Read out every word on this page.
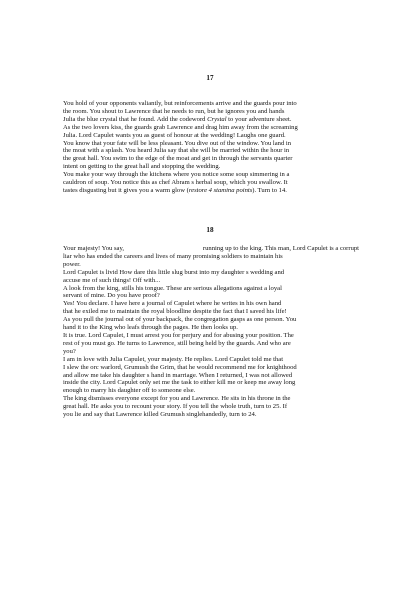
17

You hold of your opponents valiantly, but reinforcements arrive and the guards pour into

the room. You shout to Lawrence that he needs to run, but he ignores you and hands

Julia the blue crystal that he found. Add the codeword Crystal to your adventure sheet.

As the two lovers kiss, the guards grab Lawrence and drag him away from the screaming

Julia. Lord Capulet wants you as guest of honour at the wedding! Laughs one guard.

You know that your fate will be less pleasant. You dive out of the window. You land in

the moat with a splash. You heard Julia say that she will be married within the hour in

the great hall. You swim to the edge of the moat and get in through the servants quarter

intent on getting to the great hall and stopping the wedding.

You make your way through the kitchens where you notice some soup simmering in a

cauldron of soup. You notice this as chef Abram s herbal soup, which you swallow. It

tastes disgusting but it gives you a warm glow (restore 4 stamina points). Turn to 14.

18

Your majesty! You say,	running up to the king. This man, Lord Capulet is a corrupt

liar who has ended the careers and lives of many promising soldiers to maintain his

power.

Lord Capulet is livid How dare this little slug burst into my daughter s wedding and

accuse me of such things! Off with...

A look from the king, stills his tongue. These are serious allegations against a loyal

servant of mine. Do you have proof?

Yes! You declare. I have here a journal of Capulet where he writes in his own hand

that he exiled me to maintain the royal bloodline despite the fact that I saved his life!

As you pull the journal out of your backpack, the congregation gasps as one person. You

hand it to the King who leafs through the pages. He then looks up.

It is true. Lord Capulet, I must arrest you for perjury and for abusing your position. The

rest of you must go. He turns to Lawrence, still being held by the guards. And who are

you?

I am in love with Julia Capulet, your majesty. He replies. Lord Capulet told me that

I slew the orc warlord, Grumush the Grim, that he would recommend me for knighthood

and allow me take his daughter s hand in marriage. When I returned, I was not allowed

inside the city. Lord Capulet only set me the task to either kill me or keep me away long

enough to marry his daughter off to someone else.

The king dismisses everyone except for you and Lawrence. He sits in his throne in the

great hall. He asks you to recount your story. If you tell the whole truth, turn to 25. If

you lie and say that Lawrence killed Grumush singlehandedly, turn to 24.
